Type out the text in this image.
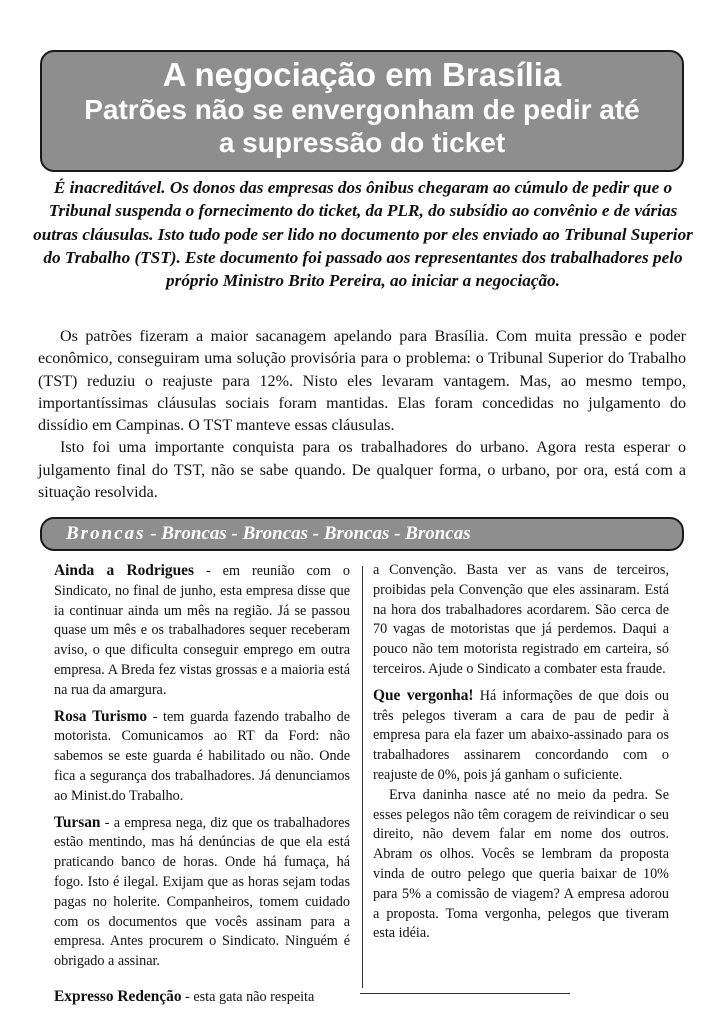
A negociação em Brasília
Patrões não se envergonham de pedir até
a supressão do ticket

É inacreditável. Os donos das empresas dos ônibus chegaram ao cúmulo de pedir que o Tribunal suspenda o fornecimento do ticket, da PLR, do subsídio ao convênio e de várias outras cláusulas. Isto tudo pode ser lido no documento por eles enviado ao Tribunal Superior do Trabalho (TST). Este documento foi passado aos representantes dos trabalhadores pelo próprio Ministro Brito Pereira, ao iniciar a negociação.

Os patrões fizeram a maior sacanagem apelando para Brasília. Com muita pressão e poder econômico, conseguiram uma solução provisória para o problema: o Tribunal Superior do Trabalho (TST) reduziu o reajuste para 12%. Nisto eles levaram vantagem. Mas, ao mesmo tempo, importantíssimas cláusulas sociais foram mantidas. Elas foram concedidas no julgamento do dissídio em Campinas. O TST manteve essas cláusulas.

Isto foi uma importante conquista para os trabalhadores do urbano. Agora resta esperar o julgamento final do TST, não se sabe quando. De qualquer forma, o urbano, por ora, está com a situação resolvida.

Broncas - Broncas - Broncas - Broncas - Broncas

Ainda a Rodrigues - em reunião com o Sindicato, no final de junho, esta empresa disse que ia continuar ainda um mês na região. Já se passou quase um mês e os trabalhadores sequer receberam aviso, o que dificulta conseguir emprego em outra empresa. A Breda fez vistas grossas e a maioria está na rua da amargura.

Rosa Turismo - tem guarda fazendo trabalho de motorista. Comunicamos ao RT da Ford: não sabemos se este guarda é habilitado ou não. Onde fica a segurança dos trabalhadores. Já denunciamos ao Minist.do Trabalho.

Tursan - a empresa nega, diz que os trabalhadores estão mentindo, mas há denúncias de que ela está praticando banco de horas. Onde há fumaça, há fogo. Isto é ilegal. Exijam que as horas sejam todas pagas no holerite. Companheiros, tomem cuidado com os documentos que vocês assinam para a empresa. Antes procurem o Sindicato. Ninguém é obrigado a assinar.

a Convenção. Basta ver as vans de terceiros, proibidas pela Convenção que eles assinaram. Está na hora dos trabalhadores acordarem. São cerca de 70 vagas de motoristas que já perdemos. Daqui a pouco não tem motorista registrado em carteira, só terceiros. Ajude o Sindicato a combater esta fraude.

Que vergonha! Há informações de que dois ou três pelegos tiveram a cara de pau de pedir à empresa para ela fazer um abaixo-assinado para os trabalhadores assinarem concordando com o reajuste de 0%, pois já ganham o suficiente.

Erva daninha nasce até no meio da pedra. Se esses pelegos não têm coragem de reivindicar o seu direito, não devem falar em nome dos outros. Abram os olhos. Vocês se lembram da proposta vinda de outro pelego que queria baixar de 10% para 5% a comissão de viagem? A empresa adorou a proposta. Toma vergonha, pelegos que tiveram esta idéia.

Expresso Redenção - esta gata não respeita
